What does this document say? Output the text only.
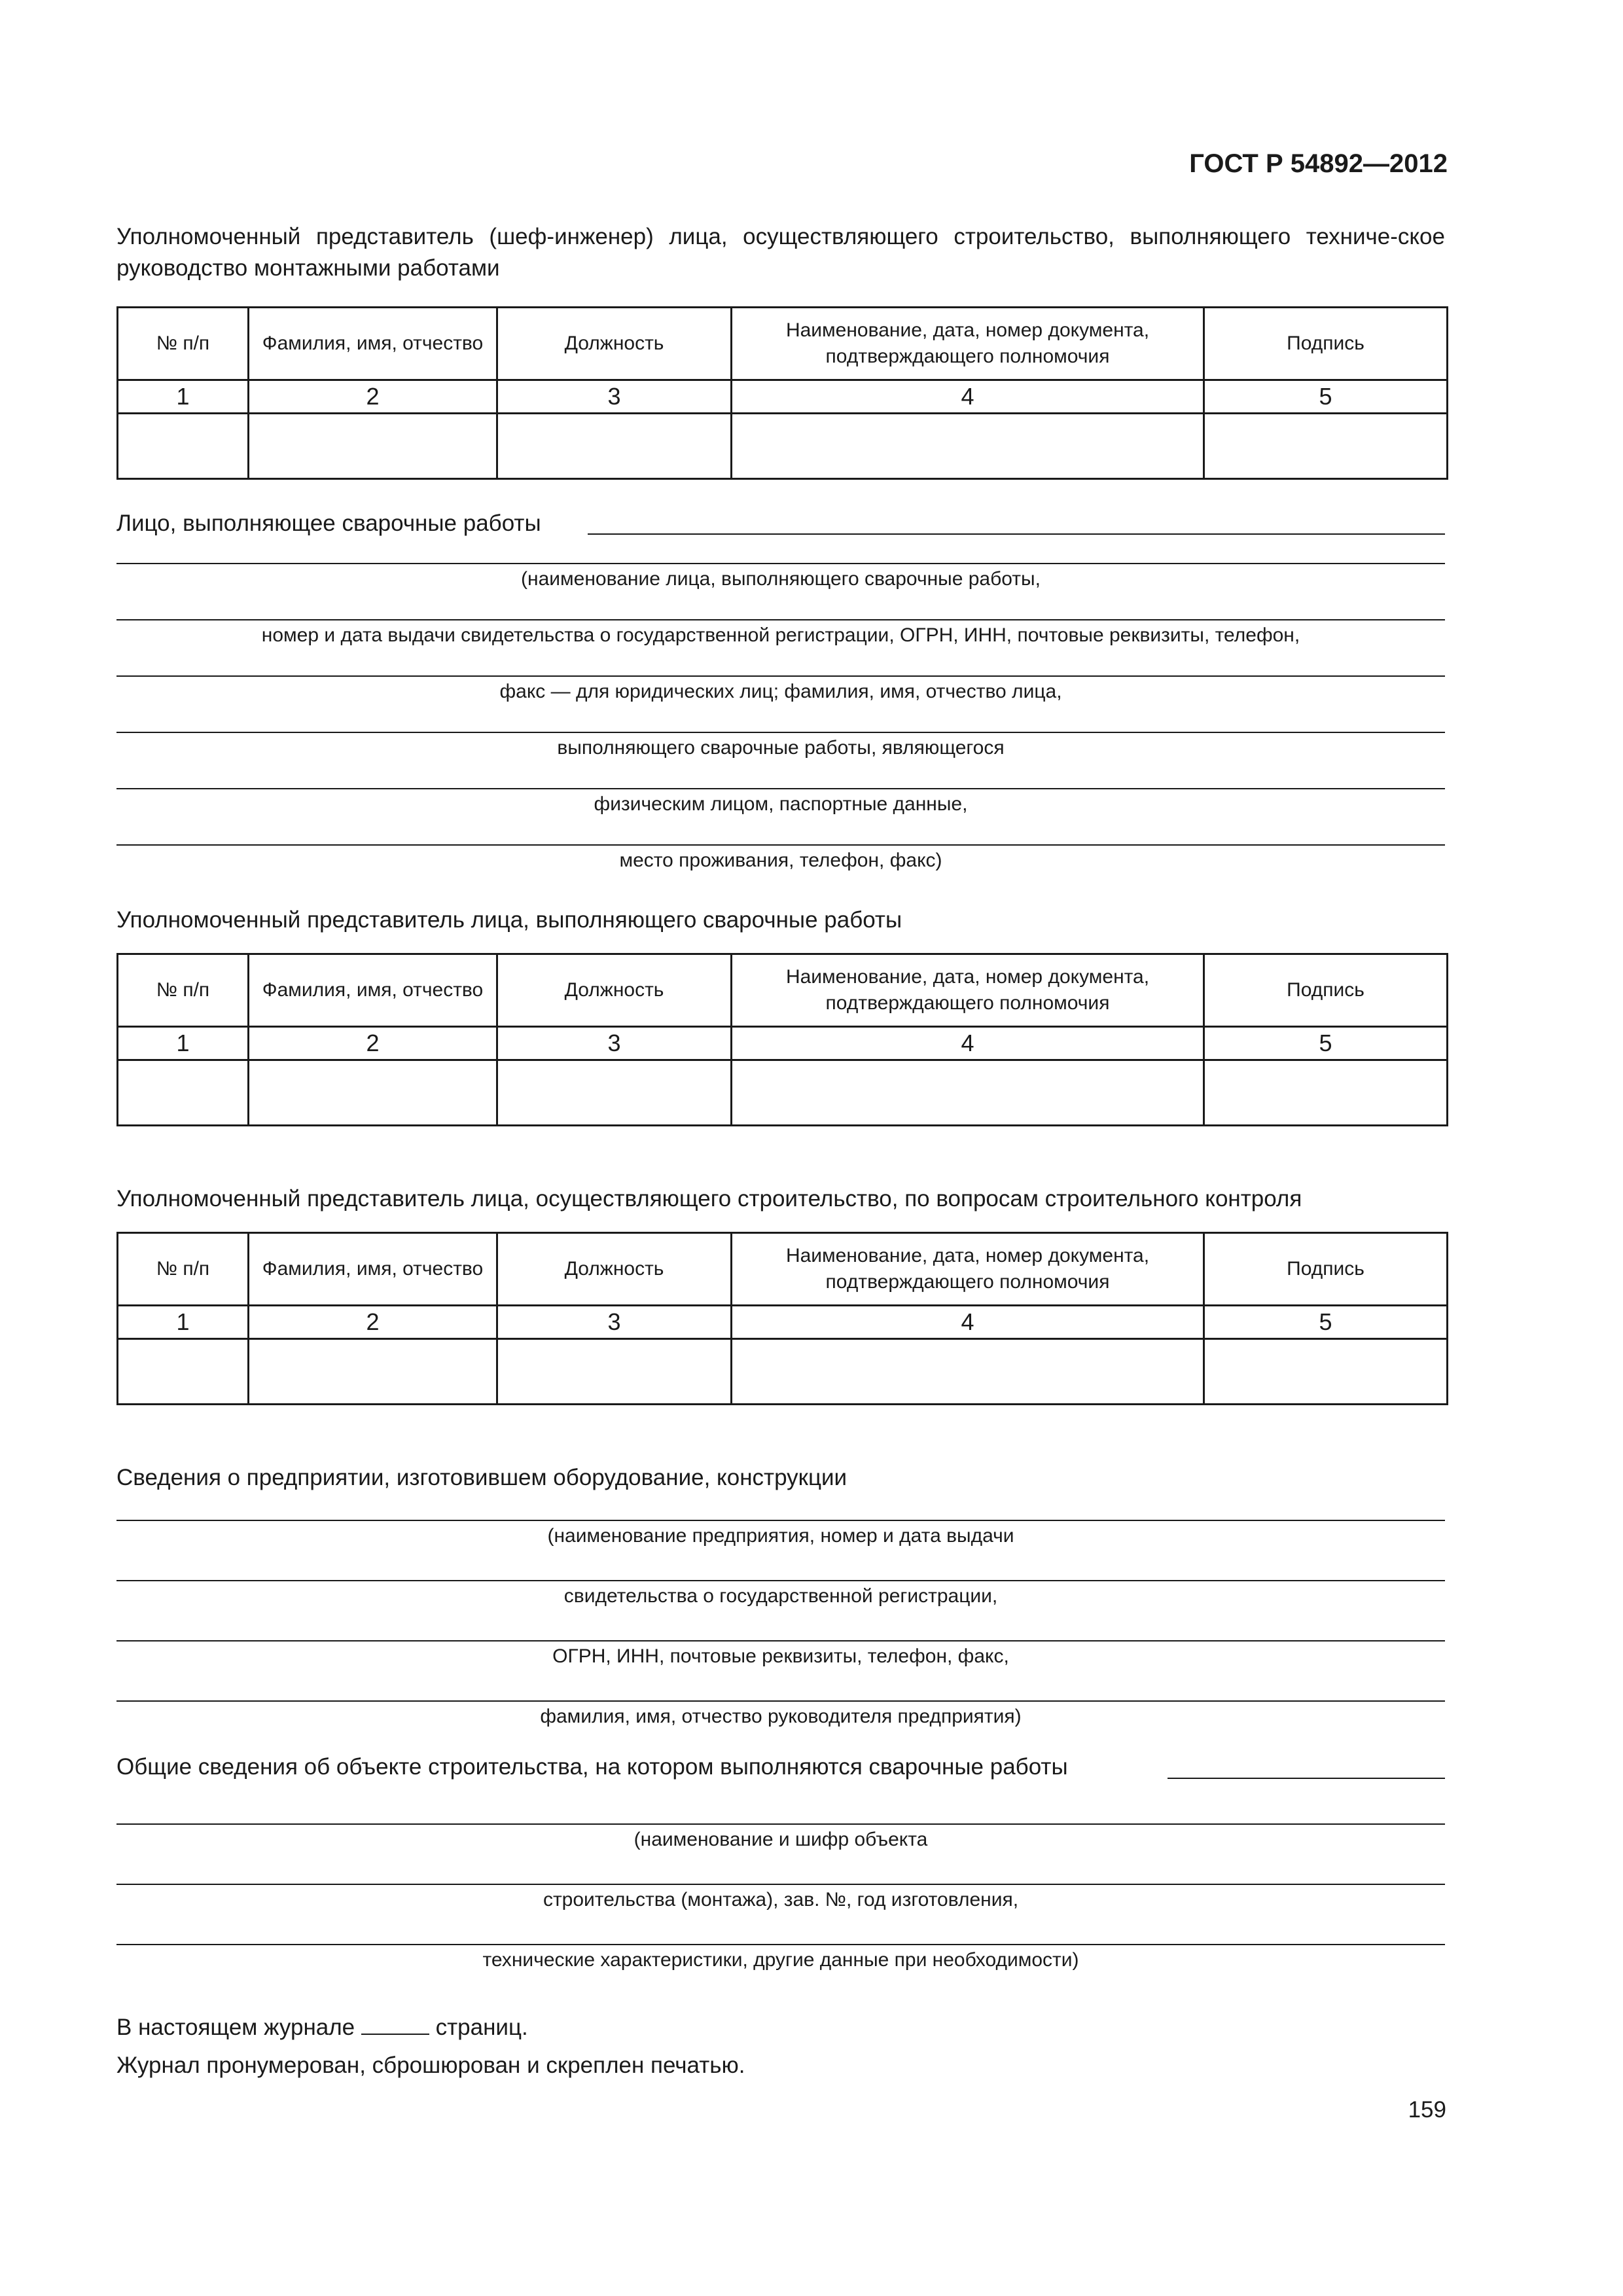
ГОСТ Р 54892—2012
Уполномоченный представитель (шеф-инженер) лица, осуществляющего строительство, выполняющего техниче-ское руководство монтажными работами
№ п/п	Фамилия, имя, отчество	Должность	Наименование, дата, номер документа, подтверждающего полномочия	Подпись
1	2	3	4	5

Лицо, выполняющее сварочные работы
(наименование лица, выполняющего сварочные работы,
номер и дата выдачи свидетельства о государственной регистрации, ОГРН, ИНН, почтовые реквизиты, телефон,
факс — для юридических лиц; фамилия, имя, отчество лица,
выполняющего сварочные работы, являющегося
физическим лицом, паспортные данные,
место проживания, телефон, факс)
Уполномоченный представитель лица, выполняющего сварочные работы
№ п/п	Фамилия, имя, отчество	Должность	Наименование, дата, номер документа, подтверждающего полномочия	Подпись
1	2	3	4	5

Уполномоченный представитель лица, осуществляющего строительство, по вопросам строительного контроля
№ п/п	Фамилия, имя, отчество	Должность	Наименование, дата, номер документа, подтверждающего полномочия	Подпись
1	2	3	4	5

Сведения о предприятии, изготовившем оборудование, конструкции
(наименование предприятия, номер и дата выдачи
свидетельства о государственной регистрации,
ОГРН, ИНН, почтовые реквизиты, телефон, факс,
фамилия, имя, отчество руководителя предприятия)
Общие сведения об объекте строительства, на котором выполняются сварочные работы
(наименование и шифр объекта
строительства (монтажа), зав. №, год изготовления,
технические характеристики, другие данные при необходимости)
В настоящем журнале	страниц.
Журнал пронумерован, сброшюрован и скреплен печатью.
159
